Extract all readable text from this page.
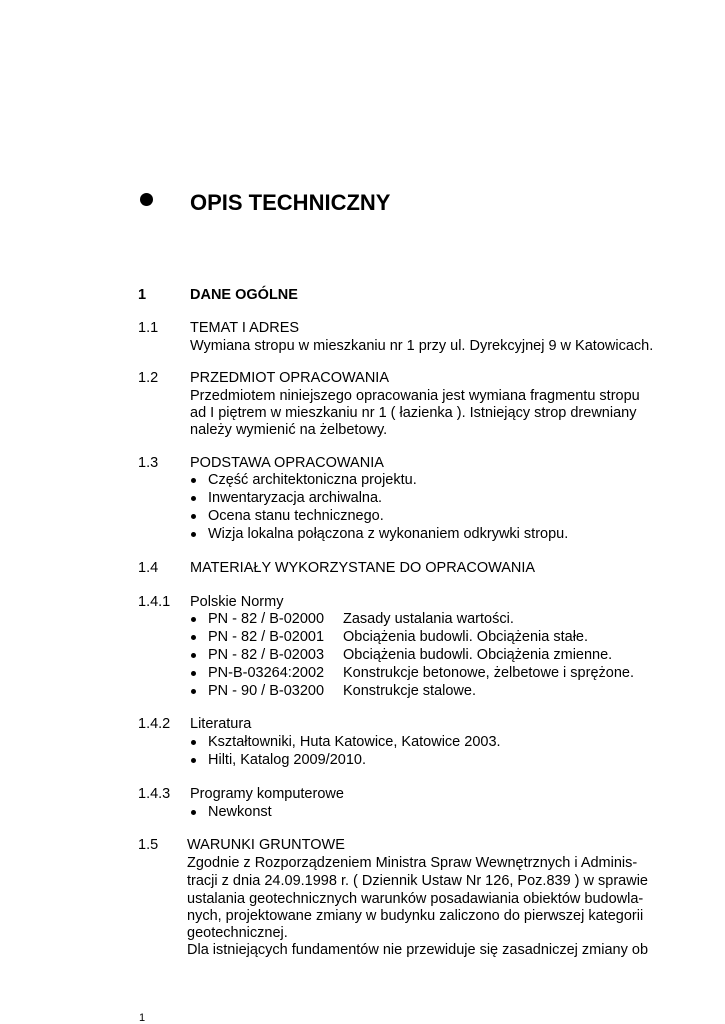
OPIS TECHNICZNY
1	DANE OGÓLNE
1.1 TEMAT I ADRES
Wymiana stropu w mieszkaniu nr 1 przy ul. Dyrekcyjnej 9 w Katowicach.
1.2 PRZEDMIOT OPRACOWANIA
Przedmiotem niniejszego opracowania jest wymiana fragmentu stropu
ad I piętrem w mieszkaniu nr 1 ( łazienka ). Istniejący strop drewniany
należy wymienić na żelbetowy.
1.3 PODSTAWA OPRACOWANIA
Część architektoniczna projektu.
Inwentaryzacja archiwalna.
Ocena stanu technicznego.
Wizja lokalna połączona z wykonaniem odkrywki stropu.
1.4 MATERIAŁY WYKORZYSTANE DO OPRACOWANIA
1.4.1 Polskie Normy
PN - 82 / B-02000 Zasady ustalania wartości.
PN - 82 / B-02001 Obciążenia budowli. Obciążenia stałe.
PN - 82 / B-02003 Obciążenia budowli. Obciążenia zmienne.
PN-B-03264:2002 Konstrukcje betonowe, żelbetowe i sprężone.
PN - 90 / B-03200 Konstrukcje stalowe.
1.4.2 Literatura
Kształtowniki, Huta Katowice, Katowice 2003.
Hilti, Katalog 2009/2010.
1.4.3 Programy komputerowe
Newkonst
1.5 WARUNKI GRUNTOWE
Zgodnie z Rozporządzeniem Ministra Spraw Wewnętrznych i Adminis-
tracji z dnia 24.09.1998 r. ( Dziennik Ustaw Nr 126, Poz.839 ) w sprawie
ustalania geotechnicznych warunków posadawiania obiektów budowla-
nych, projektowane zmiany w budynku zaliczono do pierwszej kategorii
geotechnicznej.
Dla istniejących fundamentów nie przewiduje się zasadniczej zmiany ob
1
